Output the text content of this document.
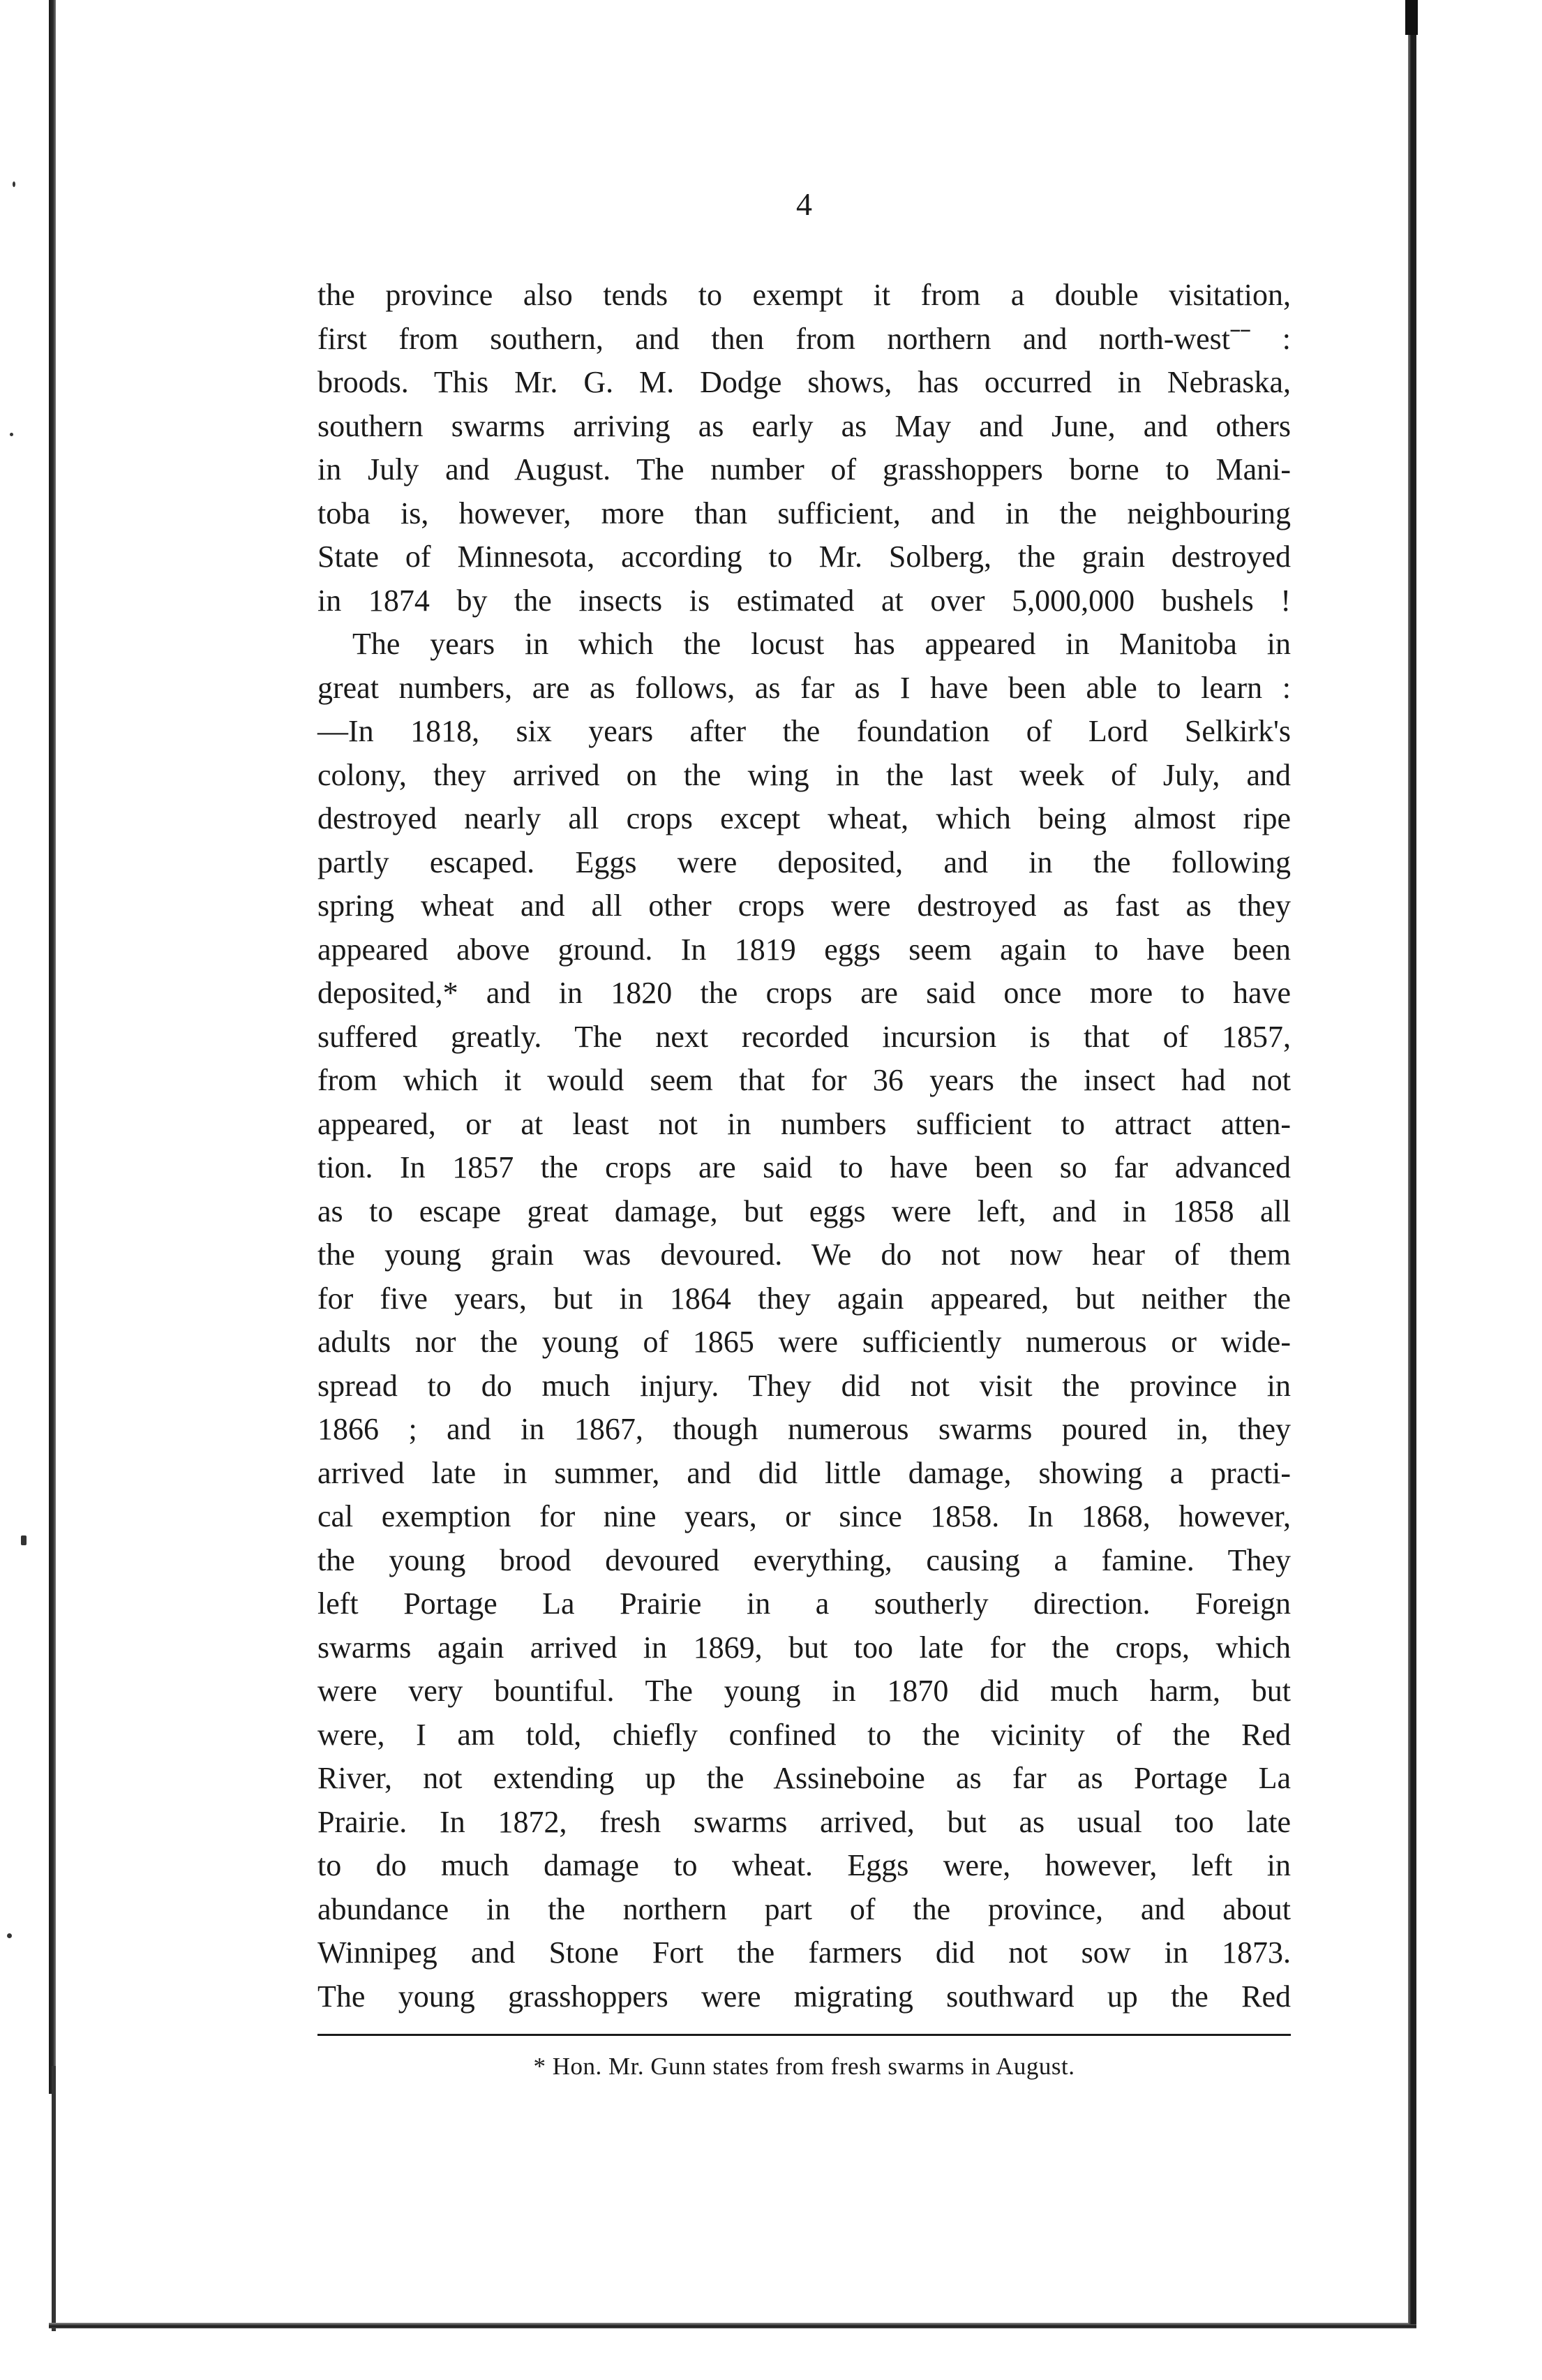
4
the province also tends to exempt it from a double visitation,
first from southern, and then from northern and north-westˉˉ :
broods. This Mr. G. M. Dodge shows, has occurred in Nebraska,
southern swarms arriving as early as May and June, and others
in July and August. The number of grasshoppers borne to Mani-
toba is, however, more than sufficient, and in the neighbouring
State of Minnesota, according to Mr. Solberg, the grain destroyed
in 1874 by the insects is estimated at over 5,000,000 bushels !
The years in which the locust has appeared in Manitoba in
great numbers, are as follows, as far as I have been able to learn :
—In 1818, six years after the foundation of Lord Selkirk's
colony, they arrived on the wing in the last week of July, and
destroyed nearly all crops except wheat, which being almost ripe
partly escaped. Eggs were deposited, and in the following
spring wheat and all other crops were destroyed as fast as they
appeared above ground. In 1819 eggs seem again to have been
deposited,* and in 1820 the crops are said once more to have
suffered greatly. The next recorded incursion is that of 1857,
from which it would seem that for 36 years the insect had not
appeared, or at least not in numbers sufficient to attract atten-
tion. In 1857 the crops are said to have been so far advanced
as to escape great damage, but eggs were left, and in 1858 all
the young grain was devoured. We do not now hear of them
for five years, but in 1864 they again appeared, but neither the
adults nor the young of 1865 were sufficiently numerous or wide-
spread to do much injury. They did not visit the province in
1866 ; and in 1867, though numerous swarms poured in, they
arrived late in summer, and did little damage, showing a practi-
cal exemption for nine years, or since 1858. In 1868, however,
the young brood devoured everything, causing a famine. They
left Portage La Prairie in a southerly direction. Foreign
swarms again arrived in 1869, but too late for the crops, which
were very bountiful. The young in 1870 did much harm, but
were, I am told, chiefly confined to the vicinity of the Red
River, not extending up the Assineboine as far as Portage La
Prairie. In 1872, fresh swarms arrived, but as usual too late
to do much damage to wheat. Eggs were, however, left in
abundance in the northern part of the province, and about
Winnipeg and Stone Fort the farmers did not sow in 1873.
The young grasshoppers were migrating southward up the Red
* Hon. Mr. Gunn states from fresh swarms in August.
